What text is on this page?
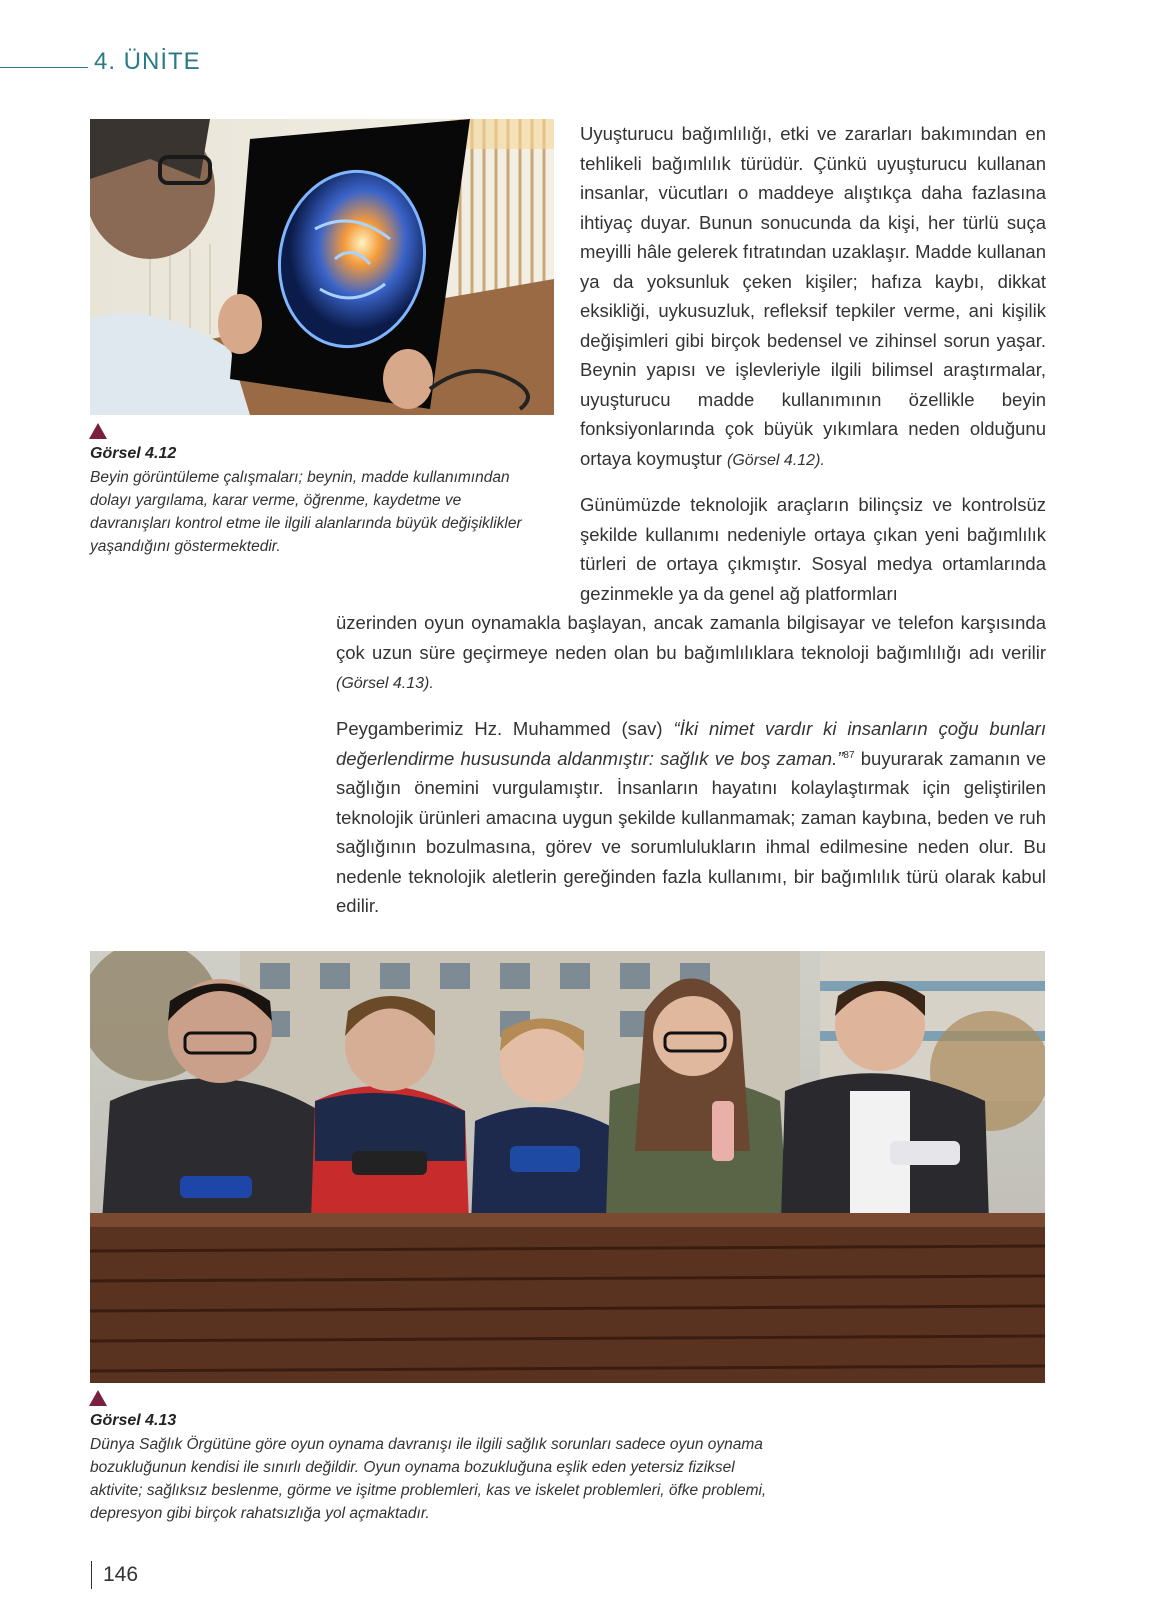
4. ÜNİTE
Görsel 4.12
Beyin görüntüleme çalışmaları; beynin, madde kullanımından dolayı yargılama, karar verme, öğrenme, kaydetme ve davranışları kontrol etme ile ilgili alanlarında büyük değişiklikler yaşandığını göstermektedir.

Uyuşturucu bağımlılığı, etki ve zararları bakımından en tehlikeli bağımlılık türüdür. Çünkü uyuşturucu kullanan insanlar, vücutları o maddeye alıştıkça daha fazlasına ihtiyaç duyar. Bunun sonucunda da kişi, her türlü suça meyilli hâle gelerek fıtratından uzaklaşır. Madde kullanan ya da yoksunluk çeken kişiler; hafıza kaybı, dikkat eksikliği, uykusuzluk, refleksif tepkiler verme, ani kişilik değişimleri gibi birçok bedensel ve zihinsel sorun yaşar. Beynin yapısı ve işlevleriyle ilgili bilimsel araştırmalar, uyuşturucu madde kullanımının özellikle beyin fonksiyonlarında çok büyük yıkımlara neden olduğunu ortaya koymuştur (Görsel 4.12).

Günümüzde teknolojik araçların bilinçsiz ve kontrolsüz şekilde kullanımı nedeniyle ortaya çıkan yeni bağımlılık türleri de ortaya çıkmıştır. Sosyal medya ortamlarında gezinmekle ya da genel ağ platformları

üzerinden oyun oynamakla başlayan, ancak zamanla bilgisayar ve telefon karşısında çok uzun süre geçirmeye neden olan bu bağımlılıklara teknoloji bağımlılığı adı verilir (Görsel 4.13).

Peygamberimiz Hz. Muhammed (sav) “İki nimet vardır ki insanların çoğu bunları değerlendirme hususunda aldanmıştır: sağlık ve boş zaman.”$^{87}$ buyurarak zamanın ve sağlığın önemini vurgulamıştır. İnsanların hayatını kolaylaştırmak için geliştirilen teknolojik ürünleri amacına uygun şekilde kullanmamak; zaman kaybına, beden ve ruh sağlığının bozulmasına, görev ve sorumlulukların ihmal edilmesine neden olur. Bu nedenle teknolojik aletlerin gereğinden fazla kullanımı, bir bağımlılık türü olarak kabul edilir.

Görsel 4.13
Dünya Sağlık Örgütüne göre oyun oynama davranışı ile ilgili sağlık sorunları sadece oyun oynama bozukluğunun kendisi ile sınırlı değildir. Oyun oynama bozukluğuna eşlik eden yetersiz fiziksel aktivite; sağlıksız beslenme, görme ve işitme problemleri, kas ve iskelet problemleri, öfke problemi, depresyon gibi birçok rahatsızlığa yol açmaktadır.
146
